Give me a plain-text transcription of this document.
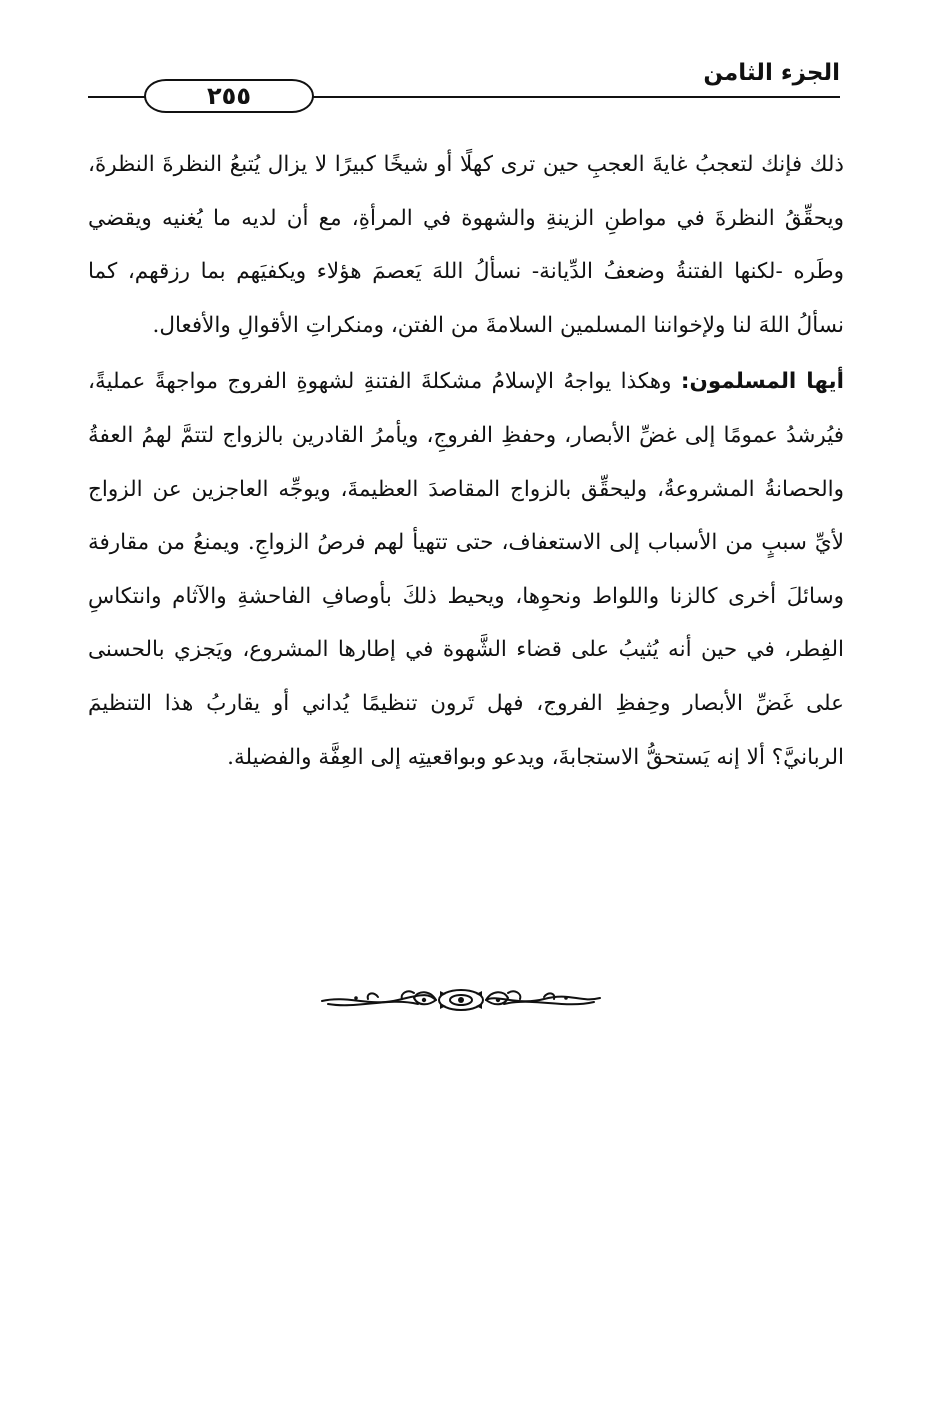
الجزء الثامن
٢٥٥

ذلك فإنك لتعجبُ غايةَ العجبِ حين ترى كهلًا أو شيخًا كبيرًا لا يزال يُتبعُ النظرةَ النظرةَ، ويحقِّقُ النظرةَ في مواطنِ الزينةِ والشهوة في المرأةِ، مع أن لديه ما يُغنيه ويقضي وطَره -لكنها الفتنةُ وضعفُ الدِّيانة- نسألُ اللهَ يَعصمَ هؤلاء ويكفيَهم بما رزقهم، كما نسألُ اللهَ لنا ولإخواننا المسلمين السلامةَ من الفتن، ومنكراتِ الأقوالِ والأفعال.

أيها المسلمون: وهكذا يواجهُ الإسلامُ مشكلةَ الفتنةِ لشهوةِ الفروج مواجهةً عمليةً، فيُرشدُ عمومًا إلى غضِّ الأبصار، وحفظِ الفروجِ، ويأمرُ القادرين بالزواج لتتمَّ لهمُ العفةُ والحصانةُ المشروعةُ، وليحقِّق بالزواج المقاصدَ العظيمةَ، ويوجِّه العاجزين عن الزواج لأيِّ سببٍ من الأسباب إلى الاستعفاف، حتى تتهيأ لهم فرصُ الزواجِ. ويمنعُ من مقارفة وسائلَ أخرى كالزنا واللواط ونحوِها، ويحيط ذلكَ بأوصافِ الفاحشةِ والآثام وانتكاسِ الفِطر، في حين أنه يُثيبُ على قضاء الشَّهوة في إطارها المشروع، ويَجزي بالحسنى على غَضِّ الأبصار وحِفظِ الفروج، فهل تَرون تنظيمًا يُداني أو يقاربُ هذا التنظيمَ الربانيَّ؟ ألا إنه يَستحقُّ الاستجابةَ، ويدعو وبواقعيتِه إلى العِفَّة والفضيلة.
